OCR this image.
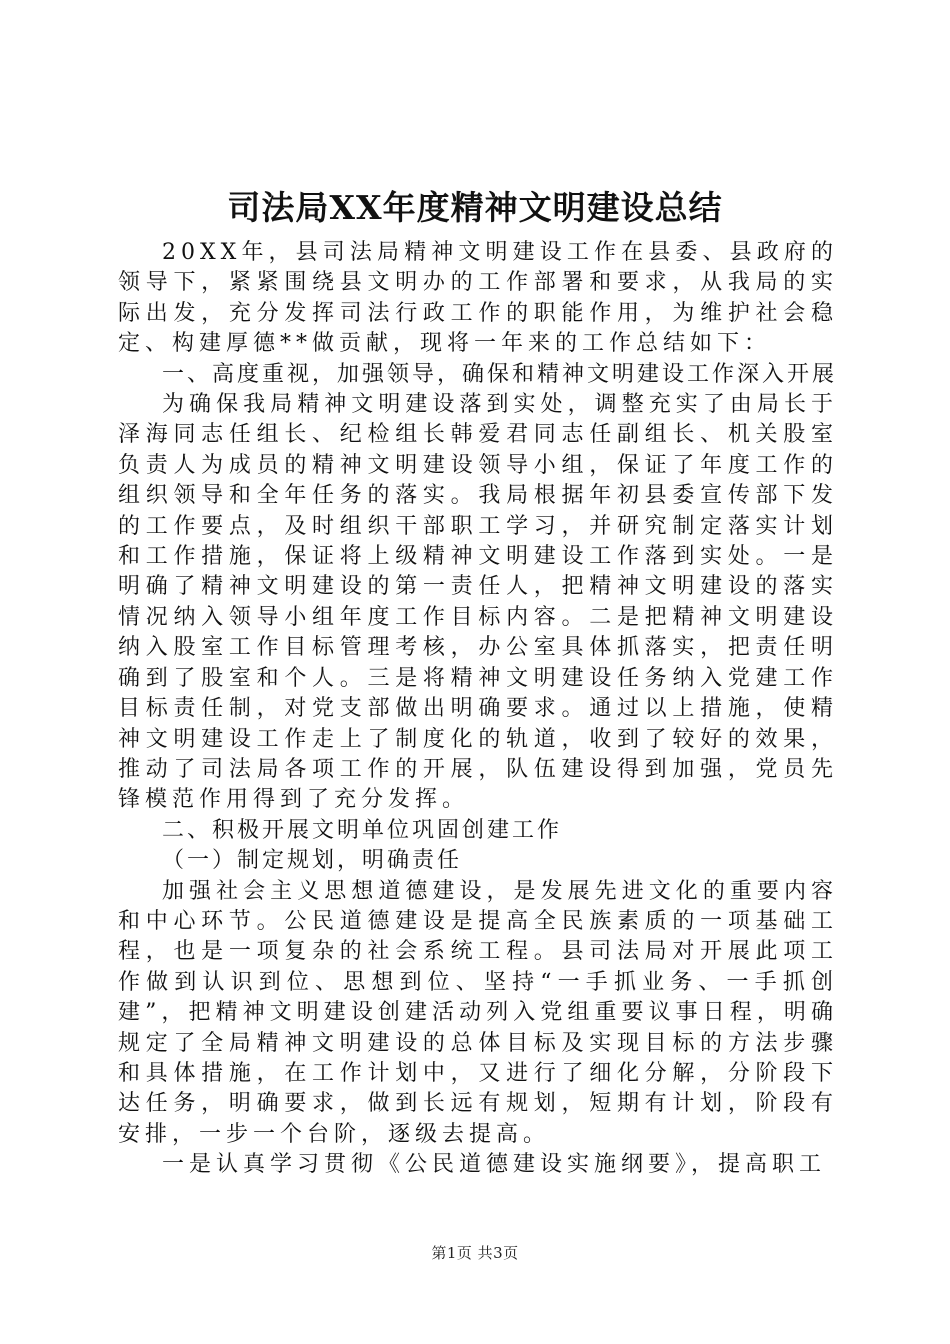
司法局XX年度精神文明建设总结

20XX年，县司法局精神文明建设工作在县委、县政府的领导下，紧紧围绕县文明办的工作部署和要求，从我局的实际出发，充分发挥司法行政工作的职能作用，为维护社会稳定、构建厚德**做贡献，现将一年来的工作总结如下：

一、高度重视，加强领导，确保和精神文明建设工作深入开展

为确保我局精神文明建设落到实处，调整充实了由局长于泽海同志任组长、纪检组长韩爱君同志任副组长、机关股室负责人为成员的精神文明建设领导小组，保证了年度工作的组织领导和全年任务的落实。我局根据年初县委宣传部下发的工作要点，及时组织干部职工学习，并研究制定落实计划和工作措施，保证将上级精神文明建设工作落到实处。一是明确了精神文明建设的第一责任人，把精神文明建设的落实情况纳入领导小组年度工作目标内容。二是把精神文明建设纳入股室工作目标管理考核，办公室具体抓落实，把责任明确到了股室和个人。三是将精神文明建设任务纳入党建工作目标责任制，对党支部做出明确要求。通过以上措施，使精神文明建设工作走上了制度化的轨道，收到了较好的效果，推动了司法局各项工作的开展，队伍建设得到加强，党员先锋模范作用得到了充分发挥。

二、积极开展文明单位巩固创建工作

（一）制定规划，明确责任

加强社会主义思想道德建设，是发展先进文化的重要内容和中心环节。公民道德建设是提高全民族素质的一项基础工程，也是一项复杂的社会系统工程。县司法局对开展此项工作做到认识到位、思想到位、坚持“一手抓业务、一手抓创建”，把精神文明建设创建活动列入党组重要议事日程，明确规定了全局精神文明建设的总体目标及实现目标的方法步骤和具体措施，在工作计划中，又进行了细化分解，分阶段下达任务，明确要求，做到长远有规划，短期有计划，阶段有安排，一步一个台阶，逐级去提高。

一是认真学习贯彻《公民道德建设实施纲要》，提高职工

第1页 共3页
